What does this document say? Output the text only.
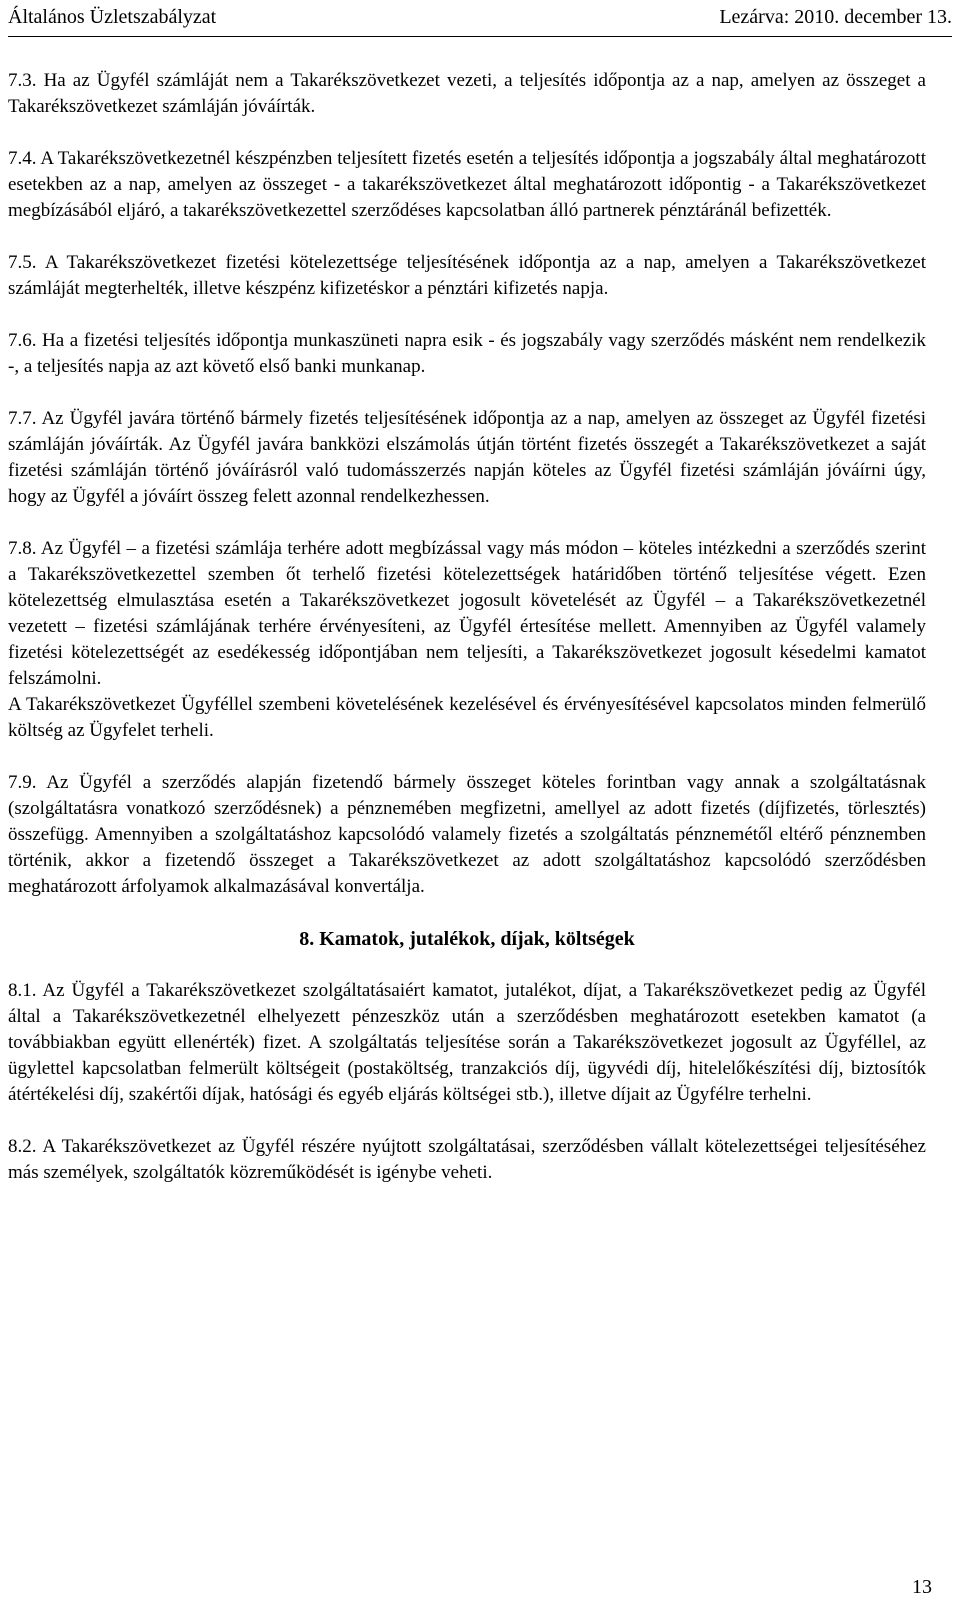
Általános Üzletszabályzat	Lezárva: 2010. december 13.

7.3. Ha az Ügyfél számláját nem a Takarékszövetkezet vezeti, a teljesítés időpontja az a nap, amelyen az összeget a Takarékszövetkezet számláján jóváírták.

7.4. A Takarékszövetkezetnél készpénzben teljesített fizetés esetén a teljesítés időpontja a jogszabály által meghatározott esetekben az a nap, amelyen az összeget - a takarékszövetkezet által meghatározott időpontig - a Takarékszövetkezet megbízásából eljáró, a takarékszövetkezettel szerződéses kapcsolatban álló partnerek pénztáránál befizették.

7.5. A Takarékszövetkezet fizetési kötelezettsége teljesítésének időpontja az a nap, amelyen a Takarékszövetkezet számláját megterhelték, illetve készpénz kifizetéskor a pénztári kifizetés napja.

7.6. Ha a fizetési teljesítés időpontja munkaszüneti napra esik - és jogszabály vagy szerződés másként nem rendelkezik -, a teljesítés napja az azt követő első banki munkanap.

7.7. Az Ügyfél javára történő bármely fizetés teljesítésének időpontja az a nap, amelyen az összeget az Ügyfél fizetési számláján jóváírták. Az Ügyfél javára bankközi elszámolás útján történt fizetés összegét a Takarékszövetkezet a saját fizetési számláján történő jóváírásról való tudomásszerzés napján köteles az Ügyfél fizetési számláján jóváírni úgy, hogy az Ügyfél a jóváírt összeg felett azonnal rendelkezhessen.

7.8. Az Ügyfél – a fizetési számlája terhére adott megbízással vagy más módon – köteles intézkedni a szerződés szerint a Takarékszövetkezettel szemben őt terhelő fizetési kötelezettségek határidőben történő teljesítése végett. Ezen kötelezettség elmulasztása esetén a Takarékszövetkezet jogosult követelését az Ügyfél – a Takarékszövetkezetnél vezetett – fizetési számlájának terhére érvényesíteni, az Ügyfél értesítése mellett. Amennyiben az Ügyfél valamely fizetési kötelezettségét az esedékesség időpontjában nem teljesíti, a Takarékszövetkezet jogosult késedelmi kamatot felszámolni.

A Takarékszövetkezet Ügyféllel szembeni követelésének kezelésével és érvényesítésével kapcsolatos minden felmerülő költség az Ügyfelet terheli.

7.9. Az Ügyfél a szerződés alapján fizetendő bármely összeget köteles forintban vagy annak a szolgáltatásnak (szolgáltatásra vonatkozó szerződésnek) a pénznemében megfizetni, amellyel az adott fizetés (díjfizetés, törlesztés) összefügg. Amennyiben a szolgáltatáshoz kapcsolódó valamely fizetés a szolgáltatás pénznemétől eltérő pénznemben történik, akkor a fizetendő összeget a Takarékszövetkezet az adott szolgáltatáshoz kapcsolódó szerződésben meghatározott árfolyamok alkalmazásával konvertálja.

8. Kamatok, jutalékok, díjak, költségek

8.1. Az Ügyfél a Takarékszövetkezet szolgáltatásaiért kamatot, jutalékot, díjat, a Takarékszövetkezet pedig az Ügyfél által a Takarékszövetkezetnél elhelyezett pénzeszköz után a szerződésben meghatározott esetekben kamatot (a továbbiakban együtt ellenérték) fizet. A szolgáltatás teljesítése során a Takarékszövetkezet jogosult az Ügyféllel, az ügylettel kapcsolatban felmerült költségeit (postaköltség, tranzakciós díj, ügyvédi díj, hitelelőkészítési díj, biztosítók átértékelési díj, szakértői díjak, hatósági és egyéb eljárás költségei stb.), illetve díjait az Ügyfélre terhelni.

8.2. A Takarékszövetkezet az Ügyfél részére nyújtott szolgáltatásai, szerződésben vállalt kötelezettségei teljesítéséhez más személyek, szolgáltatók közreműködését is igénybe veheti.

13
